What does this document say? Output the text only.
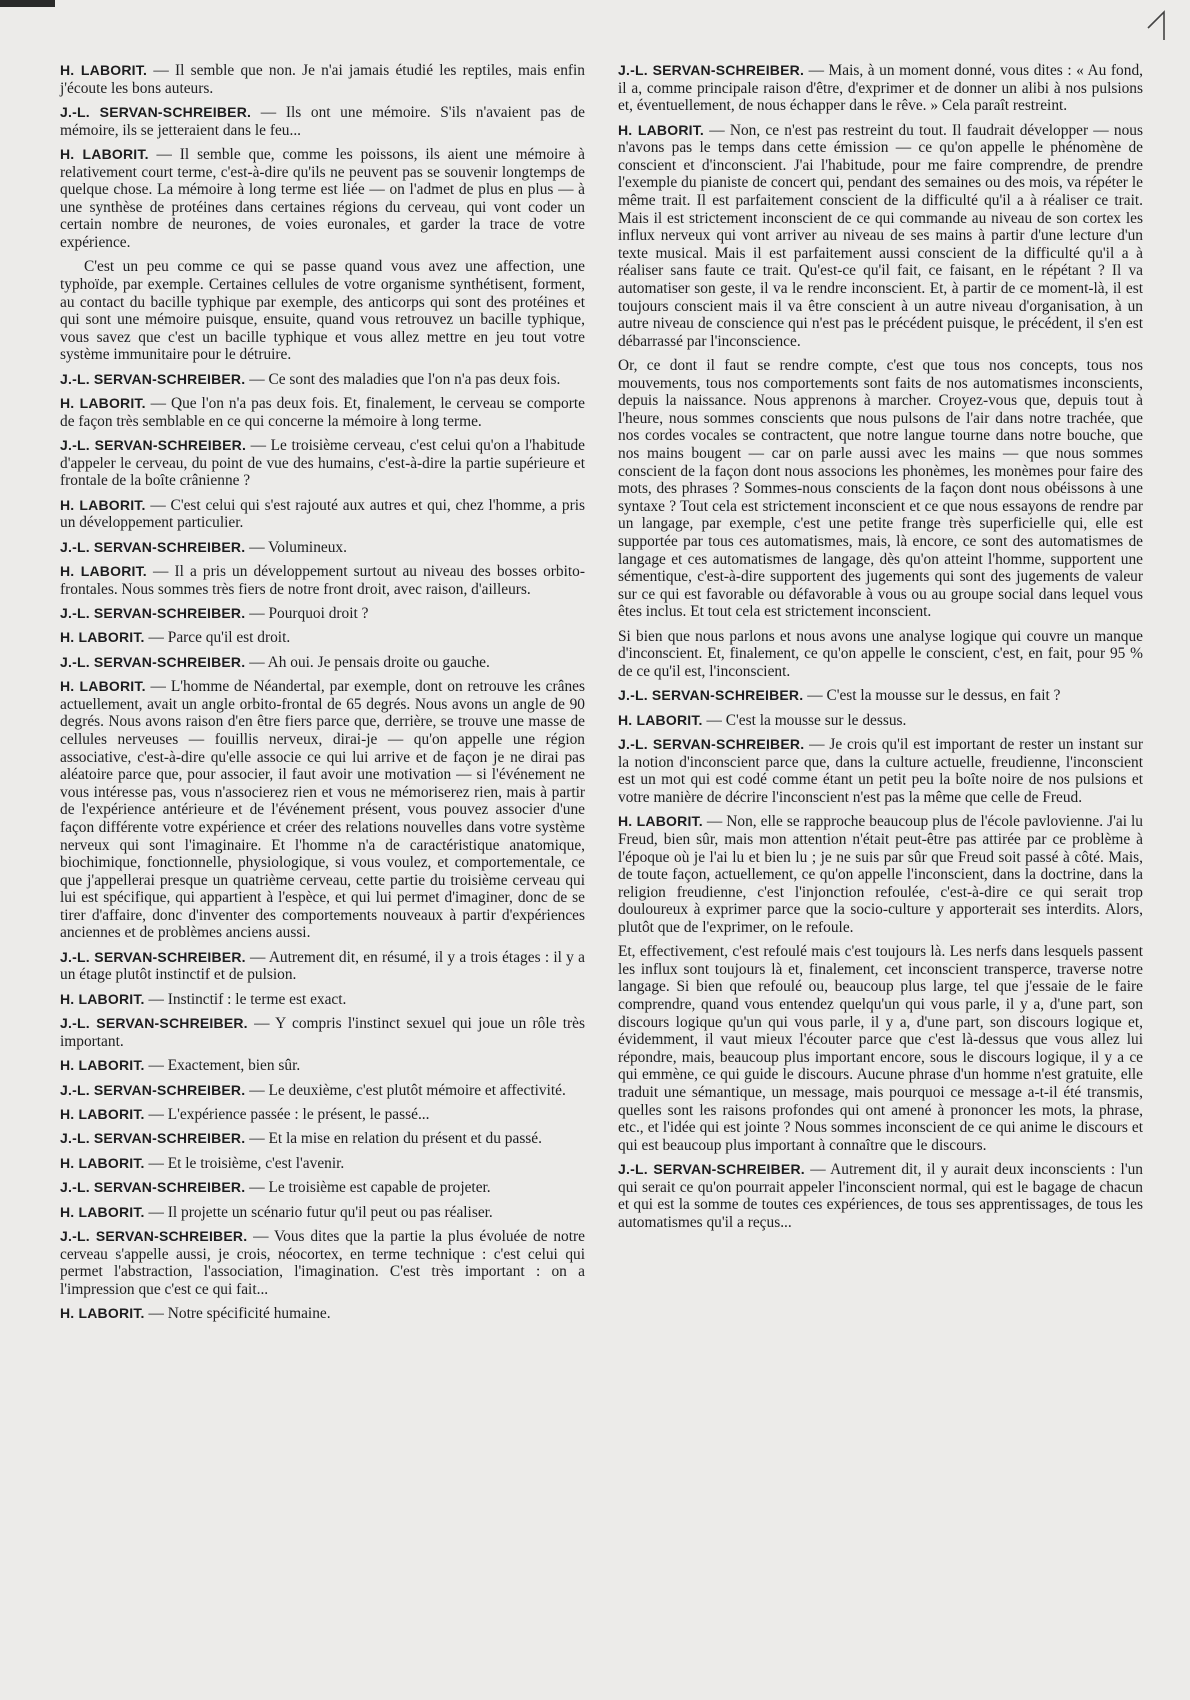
H. LABORIT. — Il semble que non. Je n'ai jamais étudié les reptiles, mais enfin j'écoute les bons auteurs.

J.-L. SERVAN-SCHREIBER. — Ils ont une mémoire. S'ils n'avaient pas de mémoire, ils se jetteraient dans le feu...

H. LABORIT. — Il semble que, comme les poissons, ils aient une mémoire à relativement court terme, c'est-à-dire qu'ils ne peuvent pas se souvenir longtemps de quelque chose. La mémoire à long terme est liée — on l'admet de plus en plus — à une synthèse de protéines dans certaines régions du cerveau, qui vont coder un certain nombre de neurones, de voies euronales, et garder la trace de votre expérience.

C'est un peu comme ce qui se passe quand vous avez une affection, une typhoïde, par exemple. Certaines cellules de votre organisme synthétisent, forment, au contact du bacille typhique par exemple, des anticorps qui sont des protéines et qui sont une mémoire puisque, ensuite, quand vous retrouvez un bacille typhique, vous savez que c'est un bacille typhique et vous allez mettre en jeu tout votre système immunitaire pour le détruire.

J.-L. SERVAN-SCHREIBER. — Ce sont des maladies que l'on n'a pas deux fois.

H. LABORIT. — Que l'on n'a pas deux fois. Et, finalement, le cerveau se comporte de façon très semblable en ce qui concerne la mémoire à long terme.

J.-L. SERVAN-SCHREIBER. — Le troisième cerveau, c'est celui qu'on a l'habitude d'appeler le cerveau, du point de vue des humains, c'est-à-dire la partie supérieure et frontale de la boîte crânienne ?

H. LABORIT. — C'est celui qui s'est rajouté aux autres et qui, chez l'homme, a pris un développement particulier.

J.-L. SERVAN-SCHREIBER. — Volumineux.

H. LABORIT. — Il a pris un développement surtout au niveau des bosses orbito-frontales. Nous sommes très fiers de notre front droit, avec raison, d'ailleurs.

J.-L. SERVAN-SCHREIBER. — Pourquoi droit ?

H. LABORIT. — Parce qu'il est droit.

J.-L. SERVAN-SCHREIBER. — Ah oui. Je pensais droite ou gauche.

H. LABORIT. — L'homme de Néandertal, par exemple, dont on retrouve les crânes actuellement, avait un angle orbito-frontal de 65 degrés. Nous avons un angle de 90 degrés. Nous avons raison d'en être fiers parce que, derrière, se trouve une masse de cellules nerveuses — fouillis nerveux, dirai-je — qu'on appelle une région associative, c'est-à-dire qu'elle associe ce qui lui arrive et de façon je ne dirai pas aléatoire parce que, pour associer, il faut avoir une motivation — si l'événement ne vous intéresse pas, vous n'associerez rien et vous ne mémoriserez rien, mais à partir de l'expérience antérieure et de l'événement présent, vous pouvez associer d'une façon différente votre expérience et créer des relations nouvelles dans votre système nerveux qui sont l'imaginaire. Et l'homme n'a de caractéristique anatomique, biochimique, fonctionnelle, physiologique, si vous voulez, et comportementale, ce que j'appellerai presque un quatrième cerveau, cette partie du troisième cerveau qui lui est spécifique, qui appartient à l'espèce, et qui lui permet d'imaginer, donc de se tirer d'affaire, donc d'inventer des comportements nouveaux à partir d'expériences anciennes et de problèmes anciens aussi.

J.-L. SERVAN-SCHREIBER. — Autrement dit, en résumé, il y a trois étages : il y a un étage plutôt instinctif et de pulsion.

H. LABORIT. — Instinctif : le terme est exact.

J.-L. SERVAN-SCHREIBER. — Y compris l'instinct sexuel qui joue un rôle très important.

H. LABORIT. — Exactement, bien sûr.

J.-L. SERVAN-SCHREIBER. — Le deuxième, c'est plutôt mémoire et affectivité.

H. LABORIT. — L'expérience passée : le présent, le passé...

J.-L. SERVAN-SCHREIBER. — Et la mise en relation du présent et du passé.

H. LABORIT. — Et le troisième, c'est l'avenir.

J.-L. SERVAN-SCHREIBER. — Le troisième est capable de projeter.

H. LABORIT. — Il projette un scénario futur qu'il peut ou pas réaliser.

J.-L. SERVAN-SCHREIBER. — Vous dites que la partie la plus évoluée de notre cerveau s'appelle aussi, je crois, néocortex, en terme technique : c'est celui qui permet l'abstraction, l'association, l'imagination. C'est très important : on a l'impression que c'est ce qui fait...

H. LABORIT. — Notre spécificité humaine.

J.-L. SERVAN-SCHREIBER. — Mais, à un moment donné, vous dites : « Au fond, il a, comme principale raison d'être, d'exprimer et de donner un alibi à nos pulsions et, éventuellement, de nous échapper dans le rêve. » Cela paraît restreint.

H. LABORIT. — Non, ce n'est pas restreint du tout. Il faudrait développer — nous n'avons pas le temps dans cette émission — ce qu'on appelle le phénomène de conscient et d'inconscient. J'ai l'habitude, pour me faire comprendre, de prendre l'exemple du pianiste de concert qui, pendant des semaines ou des mois, va répéter le même trait. Il est parfaitement conscient de la difficulté qu'il a à réaliser ce trait. Mais il est strictement inconscient de ce qui commande au niveau de son cortex les influx nerveux qui vont arriver au niveau de ses mains à partir d'une lecture d'un texte musical. Mais il est parfaitement aussi conscient de la difficulté qu'il a à réaliser sans faute ce trait. Qu'est-ce qu'il fait, ce faisant, en le répétant ? Il va automatiser son geste, il va le rendre inconscient. Et, à partir de ce moment-là, il est toujours conscient mais il va être conscient à un autre niveau d'organisation, à un autre niveau de conscience qui n'est pas le précédent puisque, le précédent, il s'en est débarrassé par l'inconscience.

Or, ce dont il faut se rendre compte, c'est que tous nos concepts, tous nos mouvements, tous nos comportements sont faits de nos automatismes inconscients, depuis la naissance. Nous apprenons à marcher. Croyez-vous que, depuis tout à l'heure, nous sommes conscients que nous pulsons de l'air dans notre trachée, que nos cordes vocales se contractent, que notre langue tourne dans notre bouche, que nos mains bougent — car on parle aussi avec les mains — que nous sommes conscient de la façon dont nous associons les phonèmes, les monèmes pour faire des mots, des phrases ? Sommes-nous conscients de la façon dont nous obéissons à une syntaxe ? Tout cela est strictement inconscient et ce que nous essayons de rendre par un langage, par exemple, c'est une petite frange très superficielle qui, elle est supportée par tous ces automatismes, mais, là encore, ce sont des automatismes de langage et ces automatismes de langage, dès qu'on atteint l'homme, supportent une sémentique, c'est-à-dire supportent des jugements qui sont des jugements de valeur sur ce qui est favorable ou défavorable à vous ou au groupe social dans lequel vous êtes inclus. Et tout cela est strictement inconscient.

Si bien que nous parlons et nous avons une analyse logique qui couvre un manque d'inconscient. Et, finalement, ce qu'on appelle le conscient, c'est, en fait, pour 95 % de ce qu'il est, l'inconscient.

J.-L. SERVAN-SCHREIBER. — C'est la mousse sur le dessus, en fait ?

H. LABORIT. — C'est la mousse sur le dessus.

J.-L. SERVAN-SCHREIBER. — Je crois qu'il est important de rester un instant sur la notion d'inconscient parce que, dans la culture actuelle, freudienne, l'inconscient est un mot qui est codé comme étant un petit peu la boîte noire de nos pulsions et votre manière de décrire l'inconscient n'est pas la même que celle de Freud.

H. LABORIT. — Non, elle se rapproche beaucoup plus de l'école pavlovienne. J'ai lu Freud, bien sûr, mais mon attention n'était peut-être pas attirée par ce problème à l'époque où je l'ai lu et bien lu ; je ne suis par sûr que Freud soit passé à côté. Mais, de toute façon, actuellement, ce qu'on appelle l'inconscient, dans la doctrine, dans la religion freudienne, c'est l'injonction refoulée, c'est-à-dire ce qui serait trop douloureux à exprimer parce que la socio-culture y apporterait ses interdits. Alors, plutôt que de l'exprimer, on le refoule.

Et, effectivement, c'est refoulé mais c'est toujours là. Les nerfs dans lesquels passent les influx sont toujours là et, finalement, cet inconscient transperce, traverse notre langage. Si bien que refoulé ou, beaucoup plus large, tel que j'essaie de le faire comprendre, quand vous entendez quelqu'un qui vous parle, il y a, d'une part, son discours logique qu'un qui vous parle, il y a, d'une part, son discours logique et, évidemment, il vaut mieux l'écouter parce que c'est là-dessus que vous allez lui répondre, mais, beaucoup plus important encore, sous le discours logique, il y a ce qui emmène, ce qui guide le discours. Aucune phrase d'un homme n'est gratuite, elle traduit une sémantique, un message, mais pourquoi ce message a-t-il été transmis, quelles sont les raisons profondes qui ont amené à prononcer les mots, la phrase, etc., et l'idée qui est jointe ? Nous sommes inconscient de ce qui anime le discours et qui est beaucoup plus important à connaître que le discours.

J.-L. SERVAN-SCHREIBER. — Autrement dit, il y aurait deux inconscients : l'un qui serait ce qu'on pourrait appeler l'inconscient normal, qui est le bagage de chacun et qui est la somme de toutes ces expériences, de tous ses apprentissages, de tous les automatismes qu'il a reçus...
